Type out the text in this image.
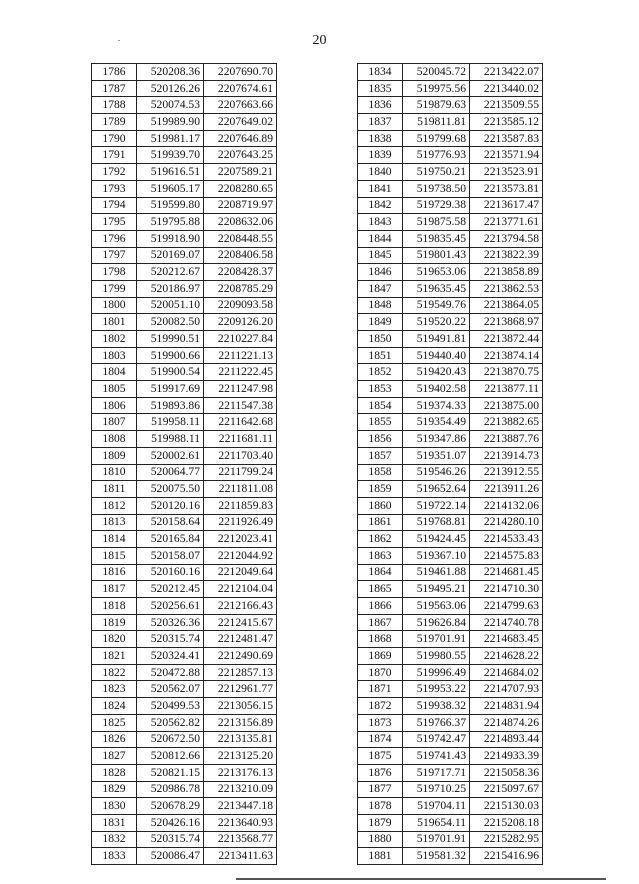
20
1786	520208.36	2207690.70
1787	520126.26	2207674.61
1788	520074.53	2207663.66
1789	519989.90	2207649.02
1790	519981.17	2207646.89
1791	519939.70	2207643.25
1792	519616.51	2207589.21
1793	519605.17	2208280.65
1794	519599.80	2208719.97
1795	519795.88	2208632.06
1796	519918.90	2208448.55
1797	520169.07	2208406.58
1798	520212.67	2208428.37
1799	520186.97	2208785.29
1800	520051.10	2209093.58
1801	520082.50	2209126.20
1802	519990.51	2210227.84
1803	519900.66	2211221.13
1804	519900.54	2211222.45
1805	519917.69	2211247.98
1806	519893.86	2211547.38
1807	519958.11	2211642.68
1808	519988.11	2211681.11
1809	520002.61	2211703.40
1810	520064.77	2211799.24
1811	520075.50	2211811.08
1812	520120.16	2211859.83
1813	520158.64	2211926.49
1814	520165.84	2212023.41
1815	520158.07	2212044.92
1816	520160.16	2212049.64
1817	520212.45	2212104.04
1818	520256.61	2212166.43
1819	520326.36	2212415.67
1820	520315.74	2212481.47
1821	520324.41	2212490.69
1822	520472.88	2212857.13
1823	520562.07	2212961.77
1824	520499.53	2213056.15
1825	520562.82	2213156.89
1826	520672.50	2213135.81
1827	520812.66	2213125.20
1828	520821.15	2213176.13
1829	520986.78	2213210.09
1830	520678.29	2213447.18
1831	520426.16	2213640.93
1832	520315.74	2213568.77
1833	520086.47	2213411.63
1834	520045.72	2213422.07
1835	519975.56	2213440.02
1836	519879.63	2213509.55
1837	519811.81	2213585.12
1838	519799.68	2213587.83
1839	519776.93	2213571.94
1840	519750.21	2213523.91
1841	519738.50	2213573.81
1842	519729.38	2213617.47
1843	519875.58	2213771.61
1844	519835.45	2213794.58
1845	519801.43	2213822.39
1846	519653.06	2213858.89
1847	519635.45	2213862.53
1848	519549.76	2213864.05
1849	519520.22	2213868.97
1850	519491.81	2213872.44
1851	519440.40	2213874.14
1852	519420.43	2213870.75
1853	519402.58	2213877.11
1854	519374.33	2213875.00
1855	519354.49	2213882.65
1856	519347.86	2213887.76
1857	519351.07	2213914.73
1858	519546.26	2213912.55
1859	519652.64	2213911.26
1860	519722.14	2214132.06
1861	519768.81	2214280.10
1862	519424.45	2214533.43
1863	519367.10	2214575.83
1864	519461.88	2214681.45
1865	519495.21	2214710.30
1866	519563.06	2214799.63
1867	519626.84	2214740.78
1868	519701.91	2214683.45
1869	519980.55	2214628.22
1870	519996.49	2214684.02
1871	519953.22	2214707.93
1872	519938.32	2214831.94
1873	519766.37	2214874.26
1874	519742.47	2214893.44
1875	519741.43	2214933.39
1876	519717.71	2215058.36
1877	519710.25	2215097.67
1878	519704.11	2215130.03
1879	519654.11	2215208.18
1880	519701.91	2215282.95
1881	519581.32	2215416.96
